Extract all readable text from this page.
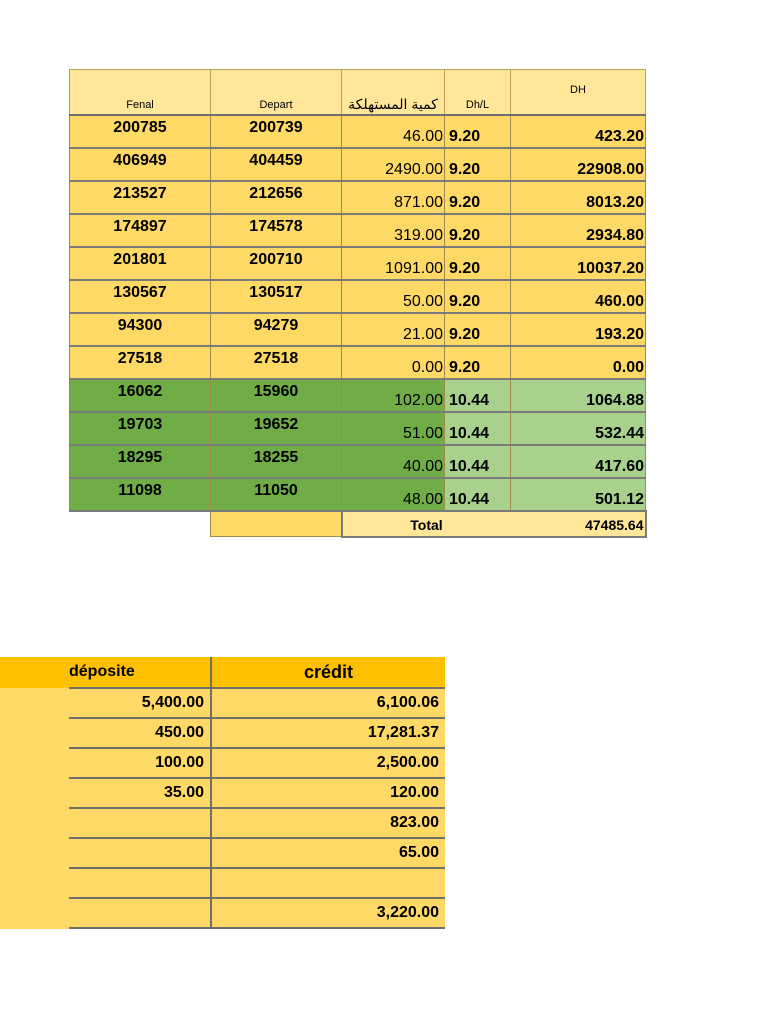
Fenal	Depart	كمية المستهلكة	Dh/L	DH
200785	200739	46.00	9.20	423.20
406949	404459	2490.00	9.20	22908.00
213527	212656	871.00	9.20	8013.20
174897	174578	319.00	9.20	2934.80
201801	200710	1091.00	9.20	10037.20
130567	130517	50.00	9.20	460.00
94300	94279	21.00	9.20	193.20
27518	27518	0.00	9.20	0.00
16062	15960	102.00	10.44	1064.88
19703	19652	51.00	10.44	532.44
18295	18255	40.00	10.44	417.60
11098	11050	48.00	10.44	501.12
		Total		47485.64
déposite	crédit
5,400.00	6,100.06
450.00	17,281.37
100.00	2,500.00
35.00	120.00
	823.00
	65.00

	3,220.00
